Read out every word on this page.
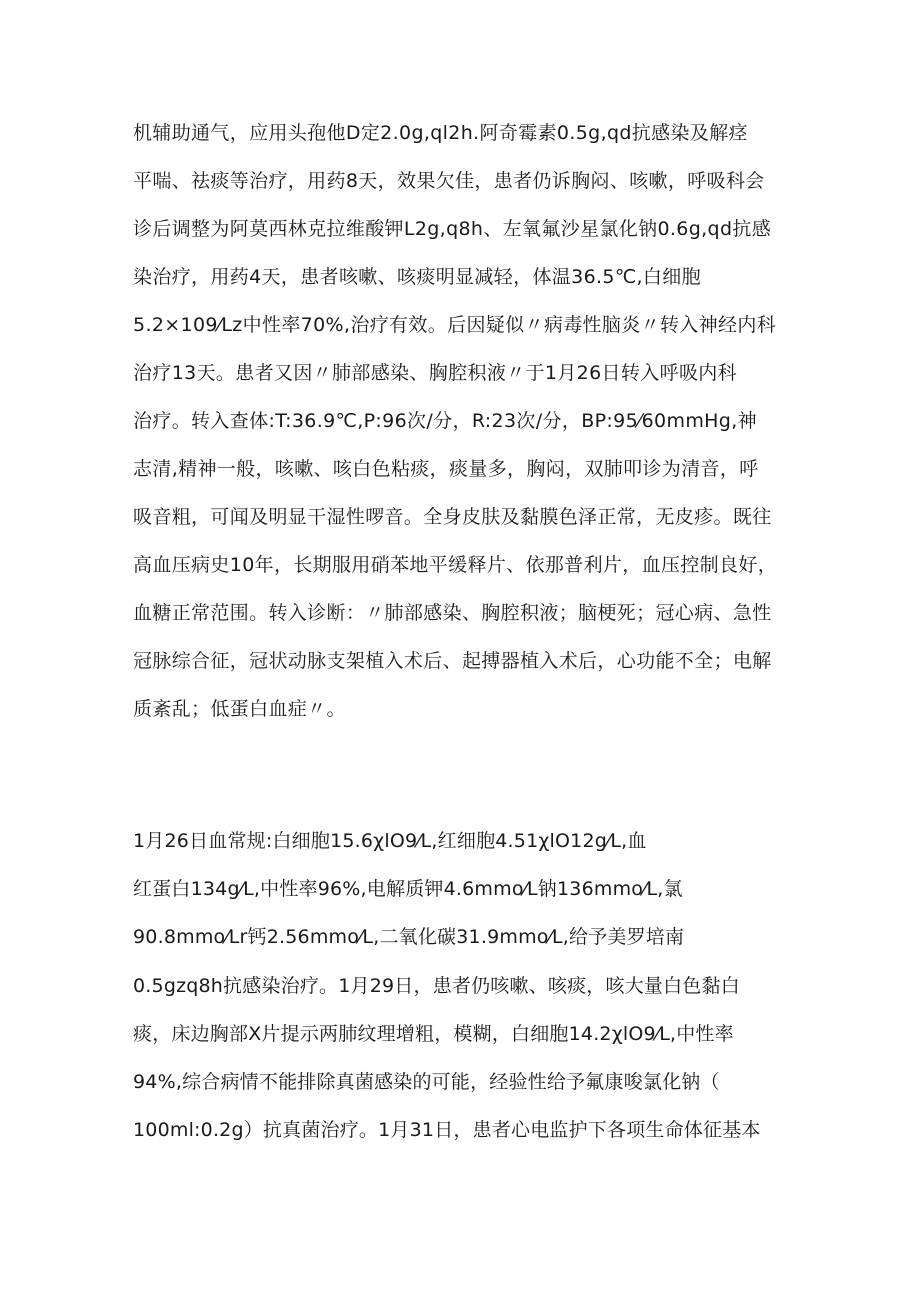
机辅助通气，应用头孢他D定2.0g,ql2h.阿奇霉素0.5g,qd抗感染及解痉
平喘、祛痰等治疗，用药8天，效果欠佳，患者仍诉胸闷、咳嗽，呼吸科会
诊后调整为阿莫西林克拉维酸钾L2g,q8h、左氧氟沙星氯化钠0.6g,qd抗感
染治疗，用药4天，患者咳嗽、咳痰明显减轻，体温36.5℃,白细胞
5.2×109⁄Lz中性率70%,治疗有效。后因疑似〃病毒性脑炎〃转入神经内科
治疗13天。患者又因〃肺部感染、胸腔积液〃于1月26日转入呼吸内科
治疗。转入查体:T:36.9℃,P:96次/分，R:23次/分，BP:95⁄60mmHg,神
志清,精神一般，咳嗽、咳白色粘痰，痰量多，胸闷，双肺叩诊为清音，呼
吸音粗，可闻及明显干湿性啰音。全身皮肤及黏膜色泽正常，无皮疹。既往
高血压病史10年，长期服用硝苯地平缓释片、依那普利片，血压控制良好，
血糖正常范围。转入诊断：〃肺部感染、胸腔积液；脑梗死；冠心病、急性
冠脉综合征，冠状动脉支架植入术后、起搏器植入术后，心功能不全；电解
质紊乱；低蛋白血症〃。
1月26日血常规:白细胞15.6χlO9⁄L,红细胞4.51χlO12g⁄L,血
红蛋白134g⁄L,中性率96%,电解质钾4.6mmo⁄L钠136mmo⁄L,氯
90.8mmo⁄Lr钙2.56mmo⁄L,二氧化碳31.9mmo⁄L,给予美罗培南
0.5gzq8h抗感染治疗。1月29日，患者仍咳嗽、咳痰，咳大量白色黏白
痰，床边胸部X片提示两肺纹理增粗，模糊，白细胞14.2χlO9⁄L,中性率
94%,综合病情不能排除真菌感染的可能，经验性给予氟康唆氯化钠（
100ml:0.2g）抗真菌治疗。1月31日，患者心电监护下各项生命体征基本
